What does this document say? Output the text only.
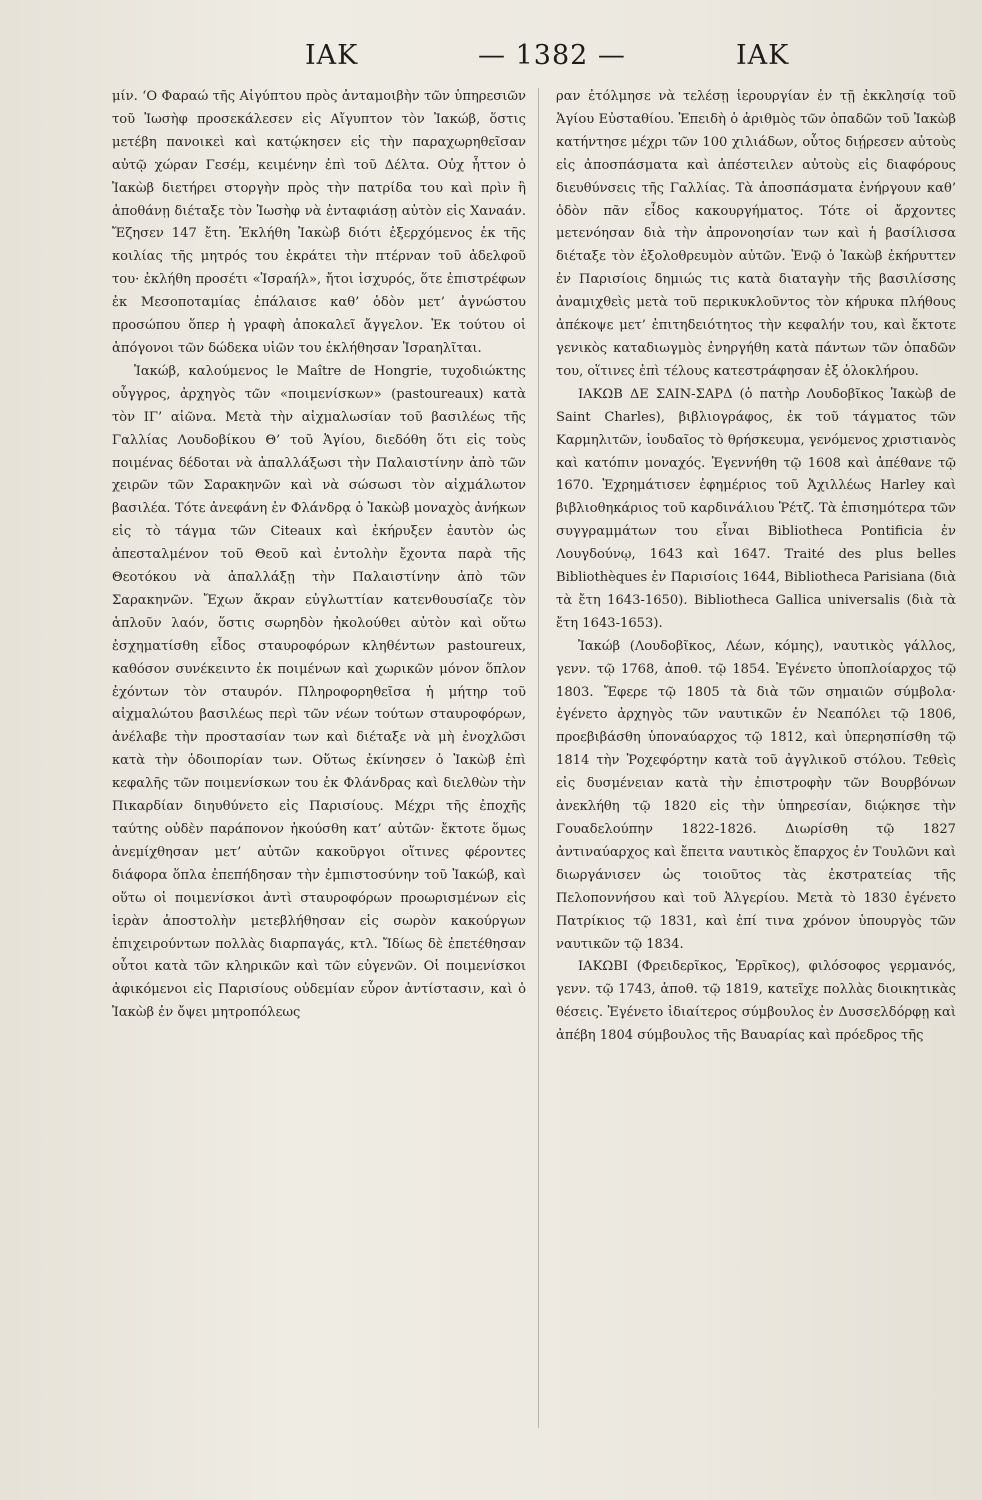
ΙΑΚ	— 1382 —	ΙΑΚ

μίν. ‘Ο Φαραώ τῆς Αἰγύπτου πρὸς ἀνταμοιβὴν τῶν ὑπηρεσιῶν τοῦ Ἰωσὴφ προσεκάλεσεν εἰς Αἴγυπτον τὸν Ἰακώβ, ὅστις μετέβη πανοικεὶ καὶ κατῴκησεν εἰς τὴν παραχωρηθεῖσαν αὐτῷ χώραν Γεσέμ, κειμένην ἐπὶ τοῦ Δέλτα. Οὐχ ἧττον ὁ Ἰακὼβ διετήρει στοργὴν πρὸς τὴν πατρίδα του καὶ πρὶν ἢ ἀποθάνῃ διέταξε τὸν Ἰωσὴφ νὰ ἐνταφιάσῃ αὐτὸν εἰς Χαναάν. Ἔζησεν 147 ἔτη. Ἐκλήθη Ἰακὼβ διότι ἐξερχόμενος ἐκ τῆς κοιλίας τῆς μητρός του ἐκράτει τὴν πτέρναν τοῦ ἀδελφοῦ του· ἐκλήθη προσέτι «Ἰσραήλ», ἤτοι ἰσχυρός, ὅτε ἐπιστρέφων ἐκ Μεσοποταμίας ἐπάλαισε καθ’ ὁδὸν μετ’ ἀγνώστου προσώπου ὅπερ ἡ γραφὴ ἀποκαλεῖ ἄγγελον. Ἐκ τούτου οἱ ἀπόγονοι τῶν δώδεκα υἱῶν του ἐκλήθησαν Ἰσραηλῖται.

Ἰακώβ, καλούμενος le Maître de Hongrie, τυχοδιώκτης οὖγγρος, ἀρχηγὸς τῶν «ποιμενίσκων» (pastoureaux) κατὰ τὸν ΙΓ’ αἰῶνα. Μετὰ τὴν αἰχμαλωσίαν τοῦ βασιλέως τῆς Γαλλίας Λουδοβίκου Θ’ τοῦ Ἁγίου, διεδόθη ὅτι εἰς τοὺς ποιμένας δέδοται νὰ ἀπαλλάξωσι τὴν Παλαιστίνην ἀπὸ τῶν χειρῶν τῶν Σαρακηνῶν καὶ νὰ σώσωσι τὸν αἰχμάλωτον βασιλέα. Τότε ἀνεφάνη ἐν Φλάνδρᾳ ὁ Ἰακὼβ μοναχὸς ἀνήκων εἰς τὸ τάγμα τῶν Citeaux καὶ ἐκήρυξεν ἑαυτὸν ὡς ἀπεσταλμένον τοῦ Θεοῦ καὶ ἐντολὴν ἔχοντα παρὰ τῆς Θεοτόκου νὰ ἀπαλλάξῃ τὴν Παλαιστίνην ἀπὸ τῶν Σαρακηνῶν. Ἔχων ἄκραν εὐγλωττίαν κατενθουσίαζε τὸν ἁπλοῦν λαόν, ὅστις σωρηδὸν ἠκολούθει αὐτὸν καὶ οὕτω ἐσχηματίσθη εἶδος σταυροφόρων κληθέντων pastoureux, καθόσον συνέκειντο ἐκ ποιμένων καὶ χωρικῶν μόνον ὅπλον ἐχόντων τὸν σταυρόν. Πληροφορηθεῖσα ἡ μήτηρ τοῦ αἰχμαλώτου βασιλέως περὶ τῶν νέων τούτων σταυροφόρων, ἀνέλαβε τὴν προστασίαν των καὶ διέταξε νὰ μὴ ἐνοχλῶσι κατὰ τὴν ὁδοιπορίαν των. Οὕτως ἐκίνησεν ὁ Ἰακὼβ ἐπὶ κεφαλῆς τῶν ποιμενίσκων του ἐκ Φλάνδρας καὶ διελθὼν τὴν Πικαρδίαν διηυθύνετο εἰς Παρισίους. Μέχρι τῆς ἐποχῆς ταύτης οὐδὲν παράπονον ἠκούσθη κατ’ αὐτῶν· ἔκτοτε ὅμως ἀνεμίχθησαν μετ’ αὐτῶν κακοῦργοι οἵτινες φέροντες διάφορα ὅπλα ἐπεπήδησαν τὴν ἐμπιστοσύνην τοῦ Ἰακώβ, καὶ οὕτω οἱ ποιμενίσκοι ἀντὶ σταυροφόρων προωρισμένων εἰς ἱερὰν ἀποστολὴν μετεβλήθησαν εἰς σωρὸν κακούργων ἐπιχειρούντων πολλὰς διαρπαγάς, κτλ. Ἴδίως δὲ ἐπετέθησαν οὗτοι κατὰ τῶν κληρικῶν καὶ τῶν εὐγενῶν. Οἱ ποιμενίσκοι ἀφικόμενοι εἰς Παρισίους οὐδεμίαν εὗρον ἀντίστασιν, καὶ ὁ Ἰακὼβ ἐν ὄψει μητροπόλεως

ραν ἐτόλμησε νὰ τελέσῃ ἱερουργίαν ἐν τῇ ἐκκλησίᾳ τοῦ Ἁγίου Εὐσταθίου. Ἐπειδὴ ὁ ἀριθμὸς τῶν ὀπαδῶν τοῦ Ἰακὼβ κατήντησε μέχρι τῶν 100 χιλιάδων, οὗτος διῄρεσεν αὐτοὺς εἰς ἀποσπάσματα καὶ ἀπέστειλεν αὐτοὺς εἰς διαφόρους διευθύνσεις τῆς Γαλλίας. Τὰ ἀποσπάσματα ἐνήργουν καθ’ ὁδὸν πᾶν εἶδος κακουργήματος. Τότε οἱ ἄρχοντες μετενόησαν διὰ τὴν ἀπρονοησίαν των καὶ ἡ βασίλισσα διέταξε τὸν ἐξολοθρευμὸν αὐτῶν. Ἐνῷ ὁ Ἰακὼβ ἐκήρυττεν ἐν Παρισίοις δημιώς τις κατὰ διαταγὴν τῆς βασιλίσσης ἀναμιχθεὶς μετὰ τοῦ περικυκλοῦντος τὸν κήρυκα πλήθους ἀπέκοψε μετ’ ἐπιτηδειότητος τὴν κεφαλήν του, καὶ ἔκτοτε γενικὸς καταδιωγμὸς ἐνηργήθη κατὰ πάντων τῶν ὀπαδῶν του, οἵτινες ἐπὶ τέλους κατεστράφησαν ἐξ ὁλοκλήρου.

ΙΑΚΩΒ ΔΕ ΣΑΙΝ-ΣΑΡΔ (ὁ πατὴρ Λουδοβῖκος Ἰακὼβ de Saint Charles), βιβλιογράφος, ἐκ τοῦ τάγματος τῶν Καρμηλιτῶν, ἰουδαῖος τὸ θρήσκευμα, γενόμενος χριστιανὸς καὶ κατόπιν μοναχός. Ἐγεννήθη τῷ 1608 καὶ ἀπέθανε τῷ 1670. Ἐχρημάτισεν ἐφημέριος τοῦ Ἀχιλλέως Harley καὶ βιβλιοθηκάριος τοῦ καρδινάλιου Ῥέτζ. Τὰ ἐπισημότερα τῶν συγγραμμάτων του εἶναι Bibliotheca Pontificia ἐν Λουγδούνῳ, 1643 καὶ 1647. Traité des plus belles Bibliothèques ἐν Παρισίοις 1644, Bibliotheca Parisiana (διὰ τὰ ἔτη 1643-1650). Bibliotheca Gallica universalis (διὰ τὰ ἔτη 1643-1653).

Ἰακώβ (Λουδοβῖκος, Λέων, κόμης), ναυτικὸς γάλλος, γενν. τῷ 1768, ἀποθ. τῷ 1854. Ἐγένετο ὑποπλοίαρχος τῷ 1803. Ἔφερε τῷ 1805 τὰ διὰ τῶν σημαιῶν σύμβολα· ἐγένετο ἀρχηγὸς τῶν ναυτικῶν ἐν Νεαπόλει τῷ 1806, προεβιβάσθη ὑποναύαρχος τῷ 1812, καὶ ὑπερησπίσθη τῷ 1814 τὴν Ῥοχεφόρτην κατὰ τοῦ ἀγγλικοῦ στόλου. Τεθεὶς εἰς δυσμένειαν κατὰ τὴν ἐπιστροφὴν τῶν Βουρβόνων ἀνεκλήθη τῷ 1820 εἰς τὴν ὑπηρεσίαν, διῴκησε τὴν Γουαδελούπην 1822-1826. Διωρίσθη τῷ 1827 ἀντιναύαρχος καὶ ἔπειτα ναυτικὸς ἔπαρχος ἐν Τουλῶνι καὶ διωργάνισεν ὡς τοιοῦτος τὰς ἐκστρατείας τῆς Πελοποννήσου καὶ τοῦ Ἀλγερίου. Μετὰ τὸ 1830 ἐγένετο Πατρίκιος τῷ 1831, καὶ ἐπί τινα χρόνον ὑπουργὸς τῶν ναυτικῶν τῷ 1834.

ΙΑΚΩΒΙ (Φρειδερῖκος, Ἑρρῖκος), φιλόσοφος γερμανός, γενν. τῷ 1743, ἀποθ. τῷ 1819, κατεῖχε πολλὰς διοικητικὰς θέσεις. Ἐγένετο ἰδιαίτερος σύμβουλος ἐν Δυσσελδόρφῃ καὶ ἀπέβη 1804 σύμβουλος τῆς Βαυαρίας καὶ πρόεδρος τῆς
